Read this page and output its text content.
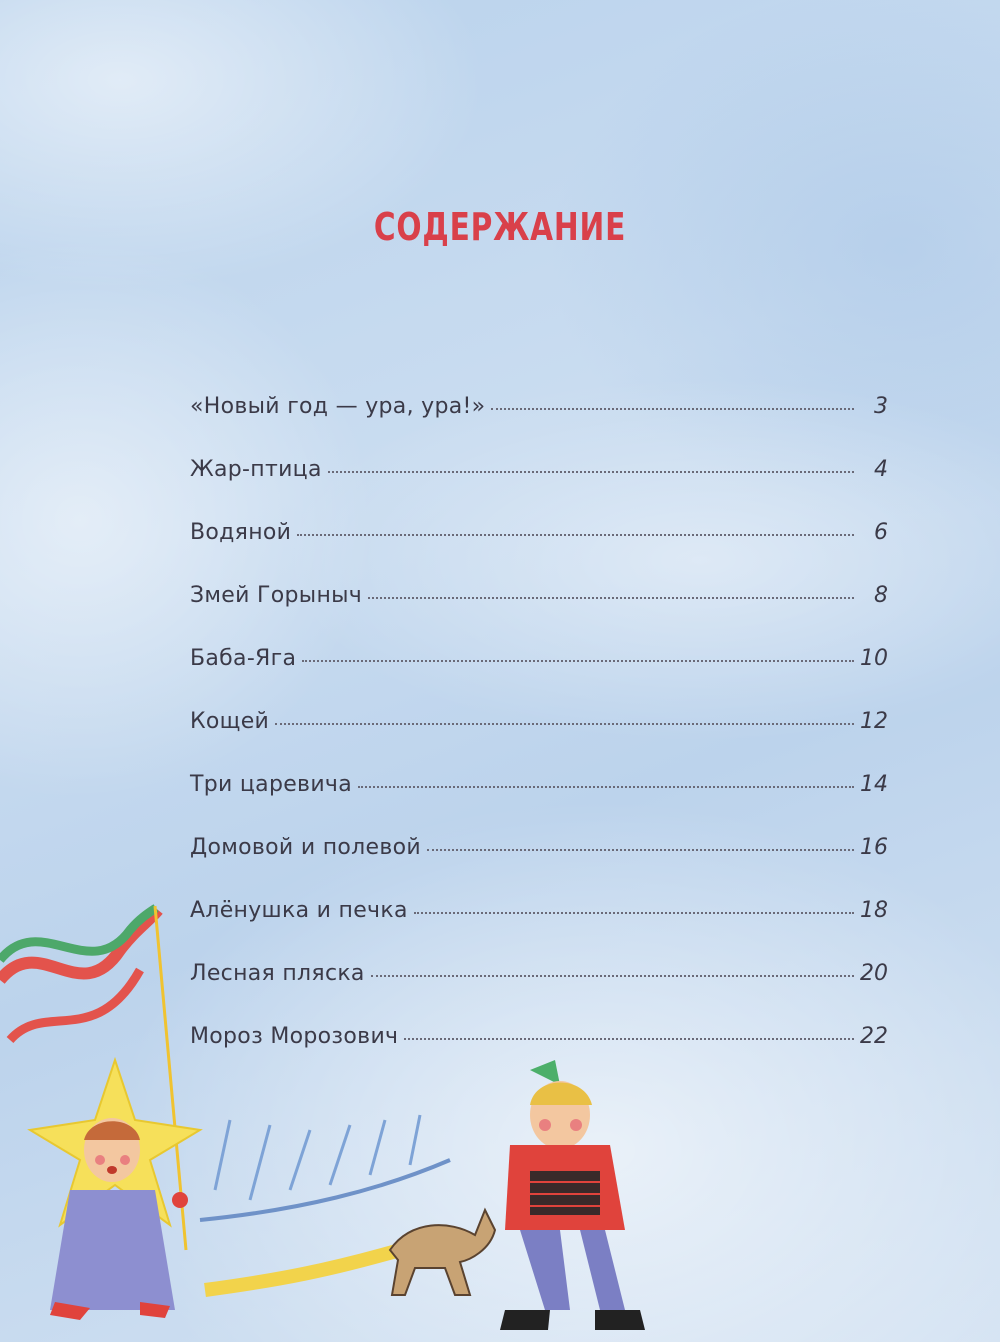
СОДЕРЖАНИЕ
«Новый год — ура, ура!»	3
Жар-птица	4
Водяной	6
Змей Горыныч	8
Баба-Яга	10
Кощей	12
Три царевича	14
Домовой и полевой	16
Алёнушка и печка	18
Лесная пляска	20
Мороз Морозович	22
